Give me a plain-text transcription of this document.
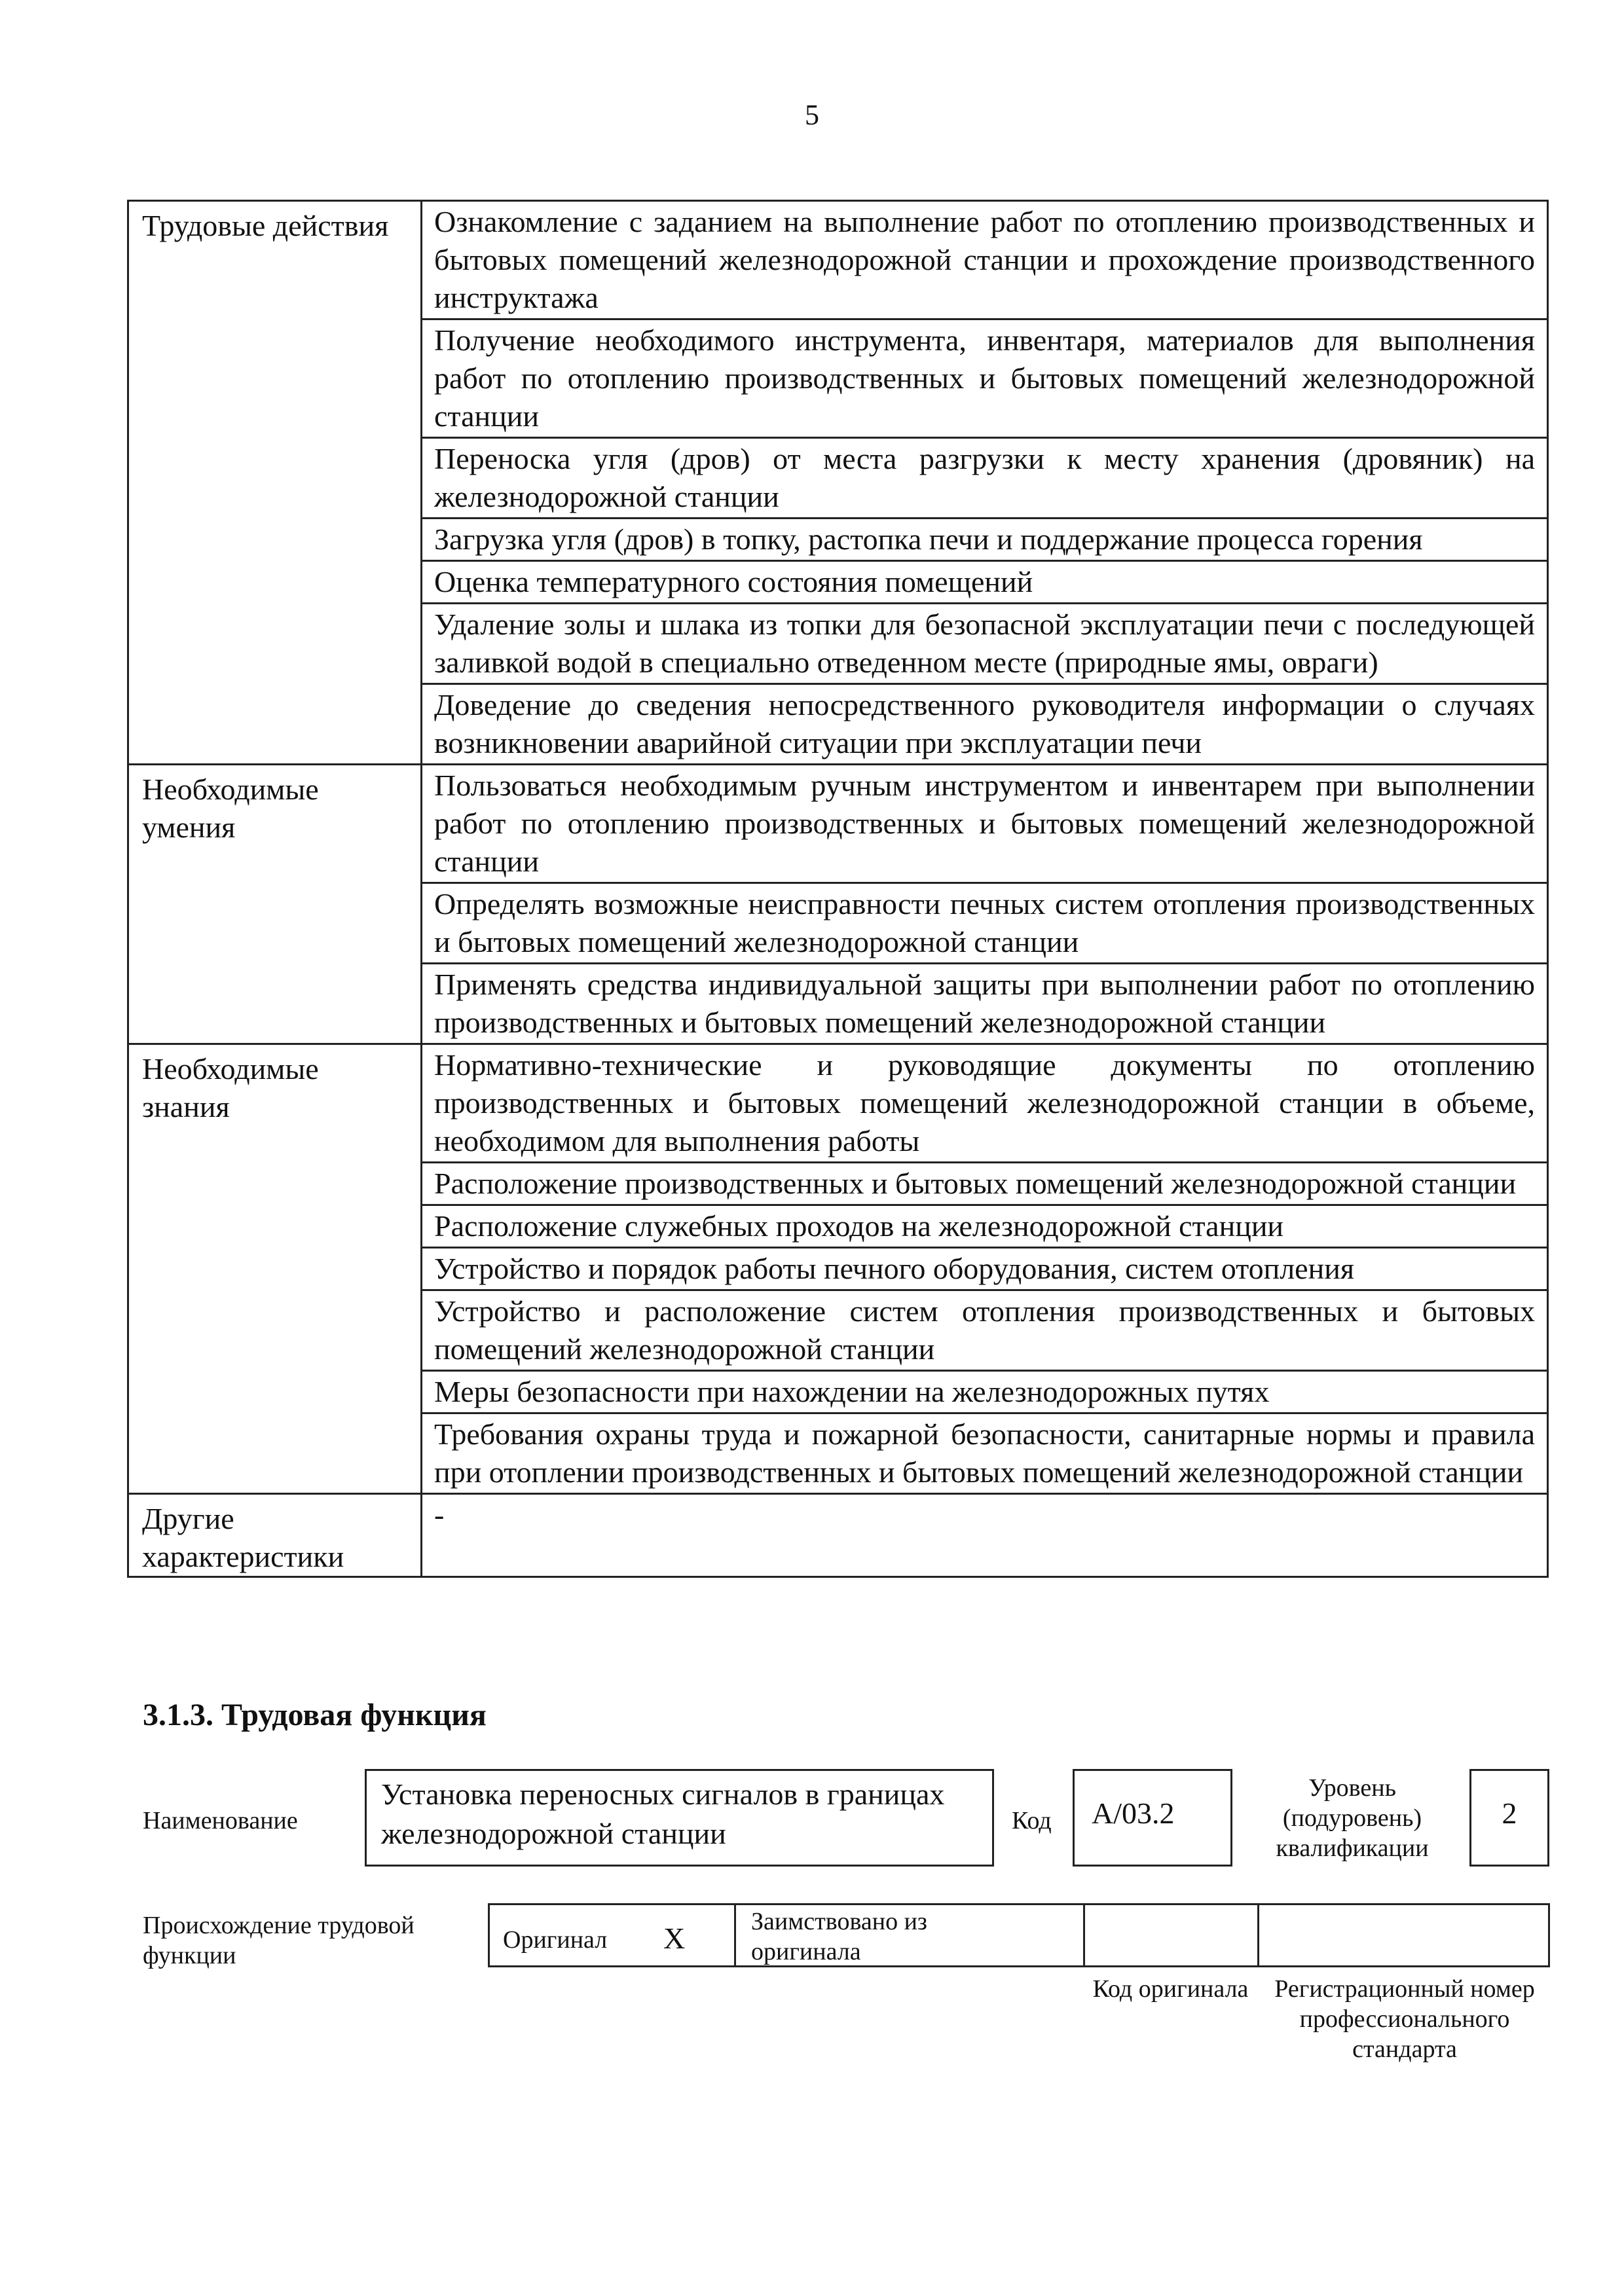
5
Трудовые действия	Ознакомление с заданием на выполнение работ по отоплению производственных и бытовых помещений железнодорожной станции и прохождение производственного инструктажа
	Получение необходимого инструмента, инвентаря, материалов для выполнения работ по отоплению производственных и бытовых помещений железнодорожной станции
	Переноска угля (дров) от места разгрузки к месту хранения (дровяник) на железнодорожной станции
	Загрузка угля (дров) в топку, растопка печи и поддержание процесса горения
	Оценка температурного состояния помещений
	Удаление золы и шлака из топки для безопасной эксплуатации печи с последующей заливкой водой в специально отведенном месте (природные ямы, овраги)
	Доведение до сведения непосредственного руководителя информации о случаях возникновении аварийной ситуации при эксплуатации печи
Необходимые умения	Пользоваться необходимым ручным инструментом и инвентарем при выполнении работ по отоплению производственных и бытовых помещений железнодорожной станции
	Определять возможные неисправности печных систем отопления производственных и бытовых помещений железнодорожной станции
	Применять средства индивидуальной защиты при выполнении работ по отоплению производственных и бытовых помещений железнодорожной станции
Необходимые знания	Нормативно-технические и руководящие документы по отоплению производственных и бытовых помещений железнодорожной станции в объеме, необходимом для выполнения работы
	Расположение производственных и бытовых помещений железнодорожной станции
	Расположение служебных проходов на железнодорожной станции
	Устройство и порядок работы печного оборудования, систем отопления
	Устройство и расположение систем отопления производственных и бытовых помещений железнодорожной станции
	Меры безопасности при нахождении на железнодорожных путях
	Требования охраны труда и пожарной безопасности, санитарные нормы и правила при отоплении производственных и бытовых помещений железнодорожной станции
Другие характеристики	-
3.1.3. Трудовая функция
Наименование
Установка переносных сигналов в границах железнодорожной станции	Код	A/03.2
Уровень (подуровень) квалификации
2
Происхождение трудовой функции
Оригинал X	Заимствовано из оригинала
Код оригинала	Регистрационный номер профессионального стандарта
